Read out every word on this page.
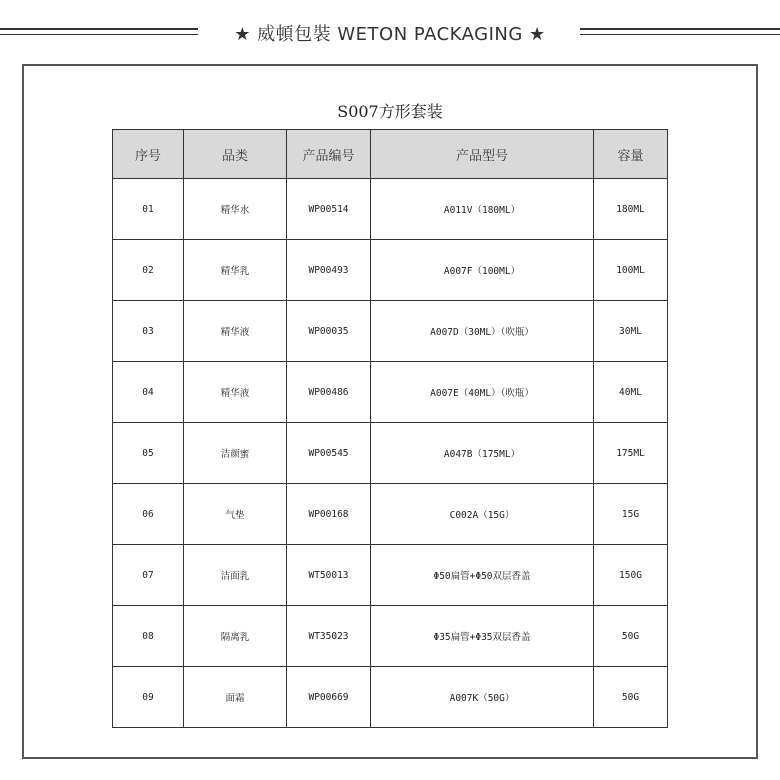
★ 威頓包裝 WETON PACKAGING ★
S007方形套装
序号	品类	产品编号	产品型号	容量
01	精华水	WP00514	A011V（180ML）	180ML
02	精华乳	WP00493	A007F（100ML）	100ML
03	精华液	WP00035	A007D（30ML）（吹瓶）	30ML
04	精华液	WP00486	A007E（40ML）（吹瓶）	40ML
05	洁颜蜜	WP00545	A047B（175ML）	175ML
06	气垫	WP00168	C002A（15G）	15G
07	洁面乳	WT50013	Φ50扁管+Φ50双层香盖	150G
08	隔离乳	WT35023	Φ35扁管+Φ35双层香盖	50G
09	面霜	WP00669	A007K（50G）	50G
